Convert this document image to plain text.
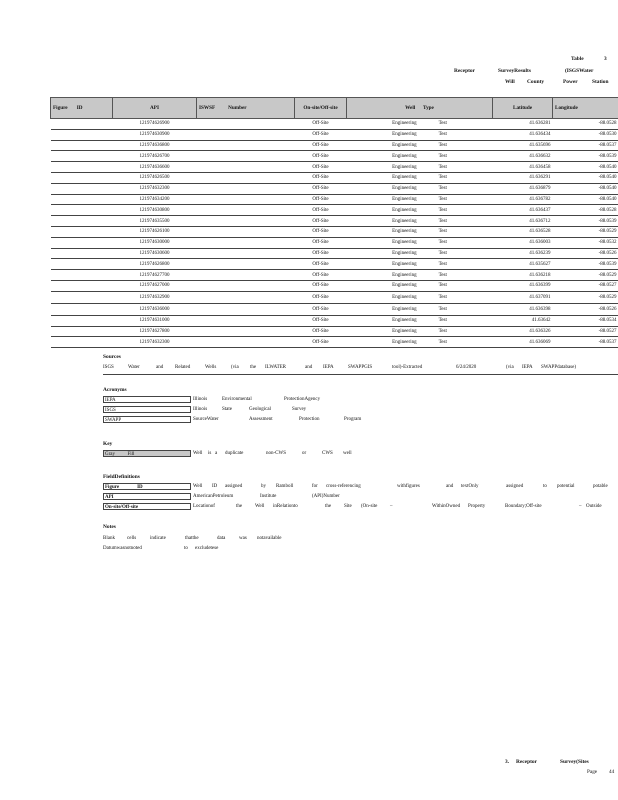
Table	3
Receptor	SurveyResults	(ISGSWater
Will County	Power	Station
Figure ID	API	ISWSF Number	On-site/Off-site	Well Type	Latitude	Longitude
	121974626900		Off-Site	Engineering Test	41.636281	-88.0528
	121974630900		Off-Site	Engineering Test	41.636434	-88.0530
	121974636800		Off-Site	Engineering Test	41.635696	-88.0537
	121974626700		Off-Site	Engineering Test	41.636632	-88.0539
	121974636600		Off-Site	Engineering Test	41.636458	-88.0540
	121974626500		Off-Site	Engineering Test	41.636291	-88.0540
	121974632300		Off-Site	Engineering Test	41.636879	-88.0540
	121974634200		Off-Site	Engineering Test	41.636782	-88.0540
	121974630800		Off-Site	Engineering Test	41.636437	-88.0528
	121974635500		Off-Site	Engineering Test	41.636712	-88.0539
	121974626100		Off-Site	Engineering Test	41.636528	-88.0529
	121974630000		Off-Site	Engineering Test	41.636003	-88.0532
	121974630600		Off-Site	Engineering Test	41.636239	-88.0526
	121974626800		Off-Site	Engineering Test	41.635627	-88.0539
	121974627700		Off-Site	Engineering Test	41.636218	-88.0529
	121974627000		Off-Site	Engineering Test	41.636399	-88.0527
	121974632900		Off-Site	Engineering Test	41.637091	-88.0529
	121974636000		Off-Site	Engineering Test	41.636398	-88.0526
	121974631000		Off-Site	Engineering Test	41.63642	-88.0534
	121974627800		Off-Site	Engineering Test	41.636326	-88.0527
	121974632300		Off-Site	Engineering Test	41.636069	-88.0537
Sources
ISGS	Water	and Related	Wells	(via the ILWATER	and IEPA	SWAPPGIS	tool)-Extracted	6/24/2020	(via IEPA SWAPPdatabase)
Acronyms
IEPA	Illinois	Environmental	ProtectionAgency
ISGS	Illinois	State	Geological	Survey
SWAPP	SourceWater	Assessment	Protection	Program
Key
Gray	Fill	Well is a duplicate	non-CWS	or	CWS well
FieldDefinitions
Figure	ID	Well ID assigned	by Ramboll	for cross-referencing	withfigures	and textOnly	assigned	to potential	potable
API	AmericanPetroleum	Institute	(API)Number
On-site/Off-site	Locationof	the	Well inRelationto	the	Site (On-site	–	WithinOwned Property	Boundary;Off-site	– Outside
Notes
Blank cells	indicate	thatthe	data	was notavailable
Datumwasnotnoted	to excludetese
3. Receptor	Survey(Sites
Page 44
